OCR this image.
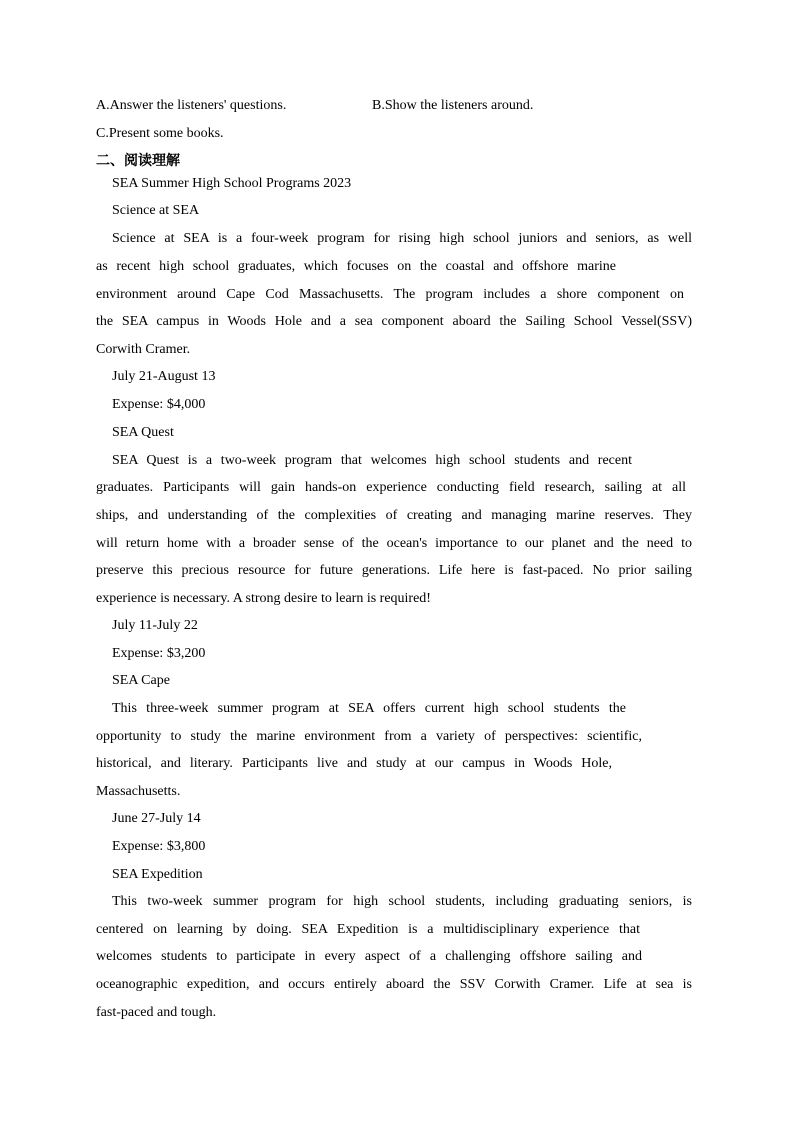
A.Answer the listeners' questions.	B.Show the listeners around.
C.Present some books.
二、阅读理解
SEA Summer High School Programs 2023
Science at SEA
Science at SEA is a four-week program for rising high school juniors and seniors, as well
as recent high school graduates, which focuses on the coastal and offshore marine
environment around Cape Cod Massachusetts. The program includes a shore component on
the SEA campus in Woods Hole and a sea component aboard the Sailing School Vessel(SSV)
Corwith Cramer.
July 21-August 13
Expense: $4,000
SEA Quest
SEA Quest is a two-week program that welcomes high school students and recent
graduates. Participants will gain hands-on experience conducting field research, sailing at all
ships, and understanding of the complexities of creating and managing marine reserves. They
will return home with a broader sense of the ocean's importance to our planet and the need to
preserve this precious resource for future generations. Life here is fast-paced. No prior sailing
experience is necessary. A strong desire to learn is required!
July 11-July 22
Expense: $3,200
SEA Cape
This three-week summer program at SEA offers current high school students the
opportunity to study the marine environment from a variety of perspectives: scientific,
historical, and literary. Participants live and study at our campus in Woods Hole,
Massachusetts.
June 27-July 14
Expense: $3,800
SEA Expedition
This two-week summer program for high school students, including graduating seniors, is
centered on learning by doing. SEA Expedition is a multidisciplinary experience that
welcomes students to participate in every aspect of a challenging offshore sailing and
oceanographic expedition, and occurs entirely aboard the SSV Corwith Cramer. Life at sea is
fast-paced and tough.
